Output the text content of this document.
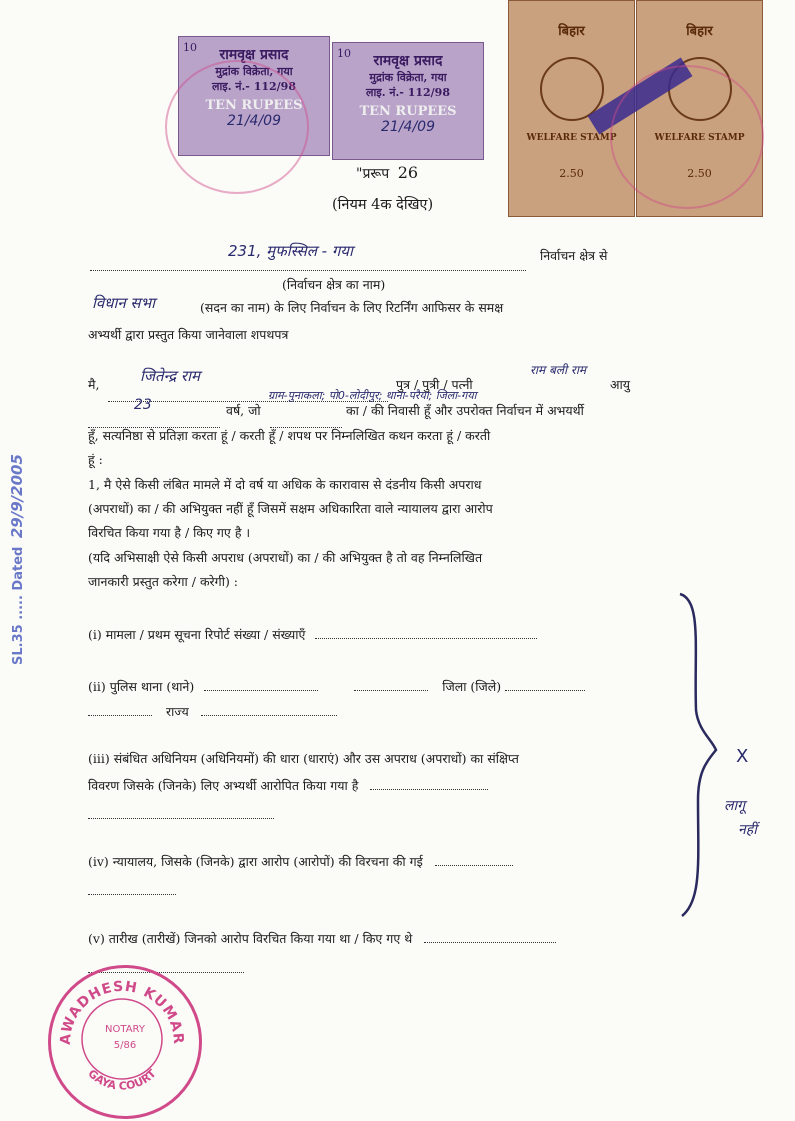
10	रामवृक्ष प्रसाद
मुद्रांक विक्रेता, गया
लाइ. नं.- 112/98
TEN RUPEES
21/4/09
10	रामवृक्ष प्रसाद
मुद्रांक विक्रेता, गया
लाइ. नं.- 112/98
TEN RUPEES
21/4/09
बिहार
WELFARE STAMP
2.50
बिहार
WELFARE STAMP
2.50
"प्ररूप 26
(नियम 4क देखिए)
231, मुफस्सिल - गया	निर्वाचन क्षेत्र से
(निर्वाचन क्षेत्र का नाम)
विधान सभा	(सदन का नाम) के लिए निर्वाचन के लिए रिटर्निंग आफिसर के समक्ष
अभ्यर्थी द्वारा प्रस्तुत किया जानेवाला शपथपत्र
मै,	जितेन्द्र राम	पुत्र / पुत्री / पत्नी
राम बली राम
आयु
23	वर्ष, जो
ग्राम-पुनाकला; पो0-लोदीपुर; थाना-परैया; जिला-गया
का / की निवासी हूँ और उपरोक्त निर्वाचन में अभयर्थी
हूँ, सत्यनिष्ठा से प्रतिज्ञा करता हूं / करती हूँ / शपथ पर निम्नलिखित कथन करता हूं / करती
हूं :
1, मै ऐसे किसी लंबित मामले में दो वर्ष या अधिक के कारावास से दंडनीय किसी अपराध
(अपराधों) का / की अभियुक्त नहीं हूँ जिसमें सक्षम अधिकारिता वाले न्यायालय द्वारा आरोप
विरचित किया गया है / किए गए है ।
(यदि अभिसाक्षी ऐसे किसी अपराध (अपराधों) का / की अभियुक्त है तो वह निम्नलिखित
जानकारी प्रस्तुत करेगा / करेगी) :
(i) मामला / प्रथम सूचना रिपोर्ट संख्या / संख्याएँ
(ii) पुलिस थाना (थाने)	जिला (जिले)
राज्य
(iii) संबंधित अधिनियम (अधिनियमों) की धारा (धाराएं) और उस अपराध (अपराधों) का संक्षिप्त
विवरण जिसके (जिनके) लिए अभ्यर्थी आरोपित किया गया है
(iv) न्यायालय, जिसके (जिनके) द्वारा आरोप (आरोपों) की विरचना की गई
(v) तारीख (तारीखें) जिनको आरोप विरचित किया गया था / किए गए थे
X
लागू
नहीं
SL.35 ..... Dated 29/9/2005
AWADHESH KUMAR
GAYA COURT
NOTARY
5/86
